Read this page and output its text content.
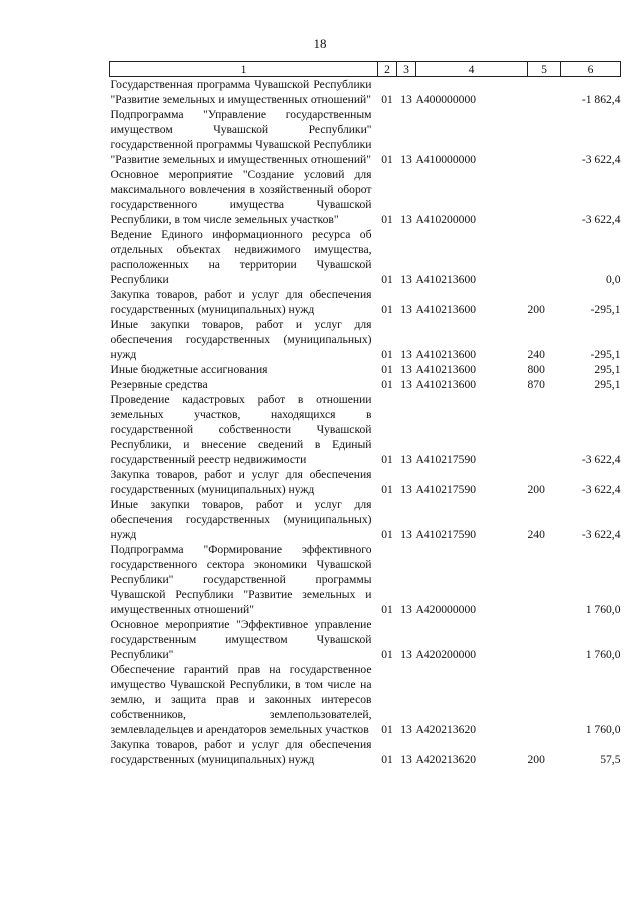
18
1	2	3	4	5	6
Государственная программа Чувашской Республики "Развитие земельных и имущественных отношений"	01	13	A400000000		-1 862,4
Подпрограмма "Управление государственным имуществом Чувашской Республики" государственной программы Чувашской Республики "Развитие земельных и имущественных отношений"	01	13	A410000000		-3 622,4
Основное мероприятие "Создание условий для максимального вовлечения в хозяйственный оборот государственного имущества Чувашской Республики, в том числе земельных участков"	01	13	A410200000		-3 622,4
Ведение Единого информационного ресурса об отдельных объектах недвижимого имущества, расположенных на территории Чувашской Республики	01	13	A410213600		0,0
Закупка товаров, работ и услуг для обеспечения государственных (муниципальных) нужд	01	13	A410213600	200	-295,1
Иные закупки товаров, работ и услуг для обеспечения государственных (муниципальных) нужд	01	13	A410213600	240	-295,1
Иные бюджетные ассигнования	01	13	A410213600	800	295,1
Резервные средства	01	13	A410213600	870	295,1
Проведение кадастровых работ в отношении земельных участков, находящихся в государственной собственности Чувашской Республики, и внесение сведений в Единый государственный реестр недвижимости	01	13	A410217590		-3 622,4
Закупка товаров, работ и услуг для обеспечения государственных (муниципальных) нужд	01	13	A410217590	200	-3 622,4
Иные закупки товаров, работ и услуг для обеспечения государственных (муниципальных) нужд	01	13	A410217590	240	-3 622,4
Подпрограмма "Формирование эффективного государственного сектора экономики Чувашской Республики" государственной программы Чувашской Республики "Развитие земельных и имущественных отношений"	01	13	A420000000		1 760,0
Основное мероприятие "Эффективное управление государственным имуществом Чувашской Республики"	01	13	A420200000		1 760,0
Обеспечение гарантий прав на государственное имущество Чувашской Республики, в том числе на землю, и защита прав и законных интересов собственников, землепользователей, землевладельцев и арендаторов земельных участков	01	13	A420213620		1 760,0
Закупка товаров, работ и услуг для обеспечения государственных (муниципальных) нужд	01	13	A420213620	200	57,5
